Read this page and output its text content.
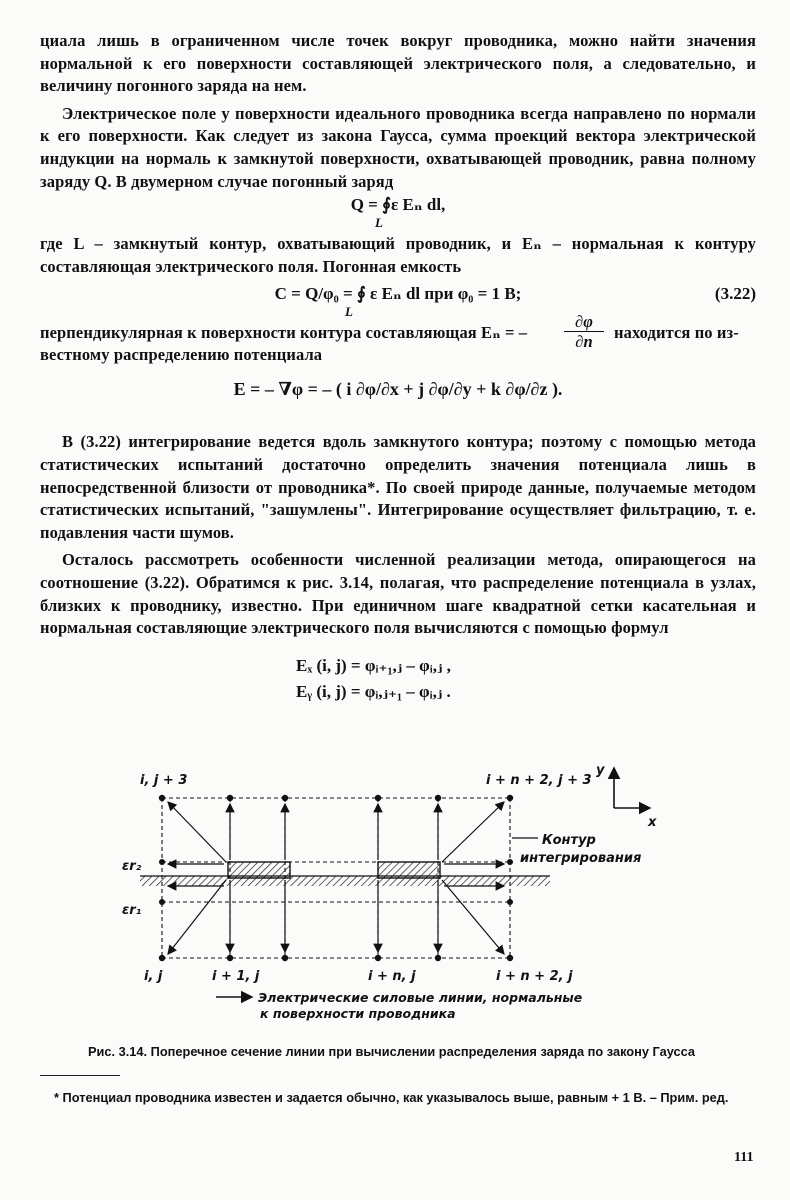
циала лишь в ограниченном числе точек вокруг проводника, можно найти значения нормальной к его поверхности составляющей электрического поля, а следовательно, и величину погонного заряда на нем.

Электрическое поле у поверхности идеального проводника всегда направлено по нормали к его поверхности. Как следует из закона Гаусса, сумма проекций вектора электрической индукции на нормаль к замкнутой поверхности, охватывающей проводник, равна полному заряду Q. В двумерном случае погонный заряд

Q = ∮ε Eₙ dl,
L

где L – замкнутый контур, охватывающий проводник, и Eₙ – нормальная к контуру составляющая электрического поля. Погонная емкость

C = Q/φ₀ = ∮ ε Eₙ dl при φ₀ = 1 В;
L
(3.22)
перпендикулярная к поверхности контура составляющая Eₙ = –
∂φ
∂n	находится по из-
вестному распределению потенциала
E = – ∇φ = – ( i ∂φ/∂x + j ∂φ/∂y + k ∂φ/∂z ).

В (3.22) интегрирование ведется вдоль замкнутого контура; поэтому с помощью метода статистических испытаний достаточно определить значения потенциала лишь в непосредственной близости от проводника*. По своей природе данные, получаемые методом статистических испытаний, "зашумлены". Интегрирование осуществляет фильтрацию, т. е. подавления части шумов.

Осталось рассмотреть особенности численной реализации метода, опирающегося на соотношение (3.22). Обратимся к рис. 3.14, полагая, что распределение потенциала в узлах, близких к проводнику, известно. При единичном шаге квадратной сетки касательная и нормальная составляющие электрического поля вычисляются с помощью формул

Eₓ (i, j) = φᵢ₊₁,ⱼ – φᵢ,ⱼ ,
Eᵧ (i, j) = φᵢ,ⱼ₊₁ – φᵢ,ⱼ .
i, j + 3	i + n + 2, j + 3
i, j	i + 1, j	i + n, j	i + n + 2, j
εr₂
εr₁
Контур
интегрирования
y
x
Электрические силовые линии, нормальные
к поверхности проводника
Рис. 3.14. Поперечное сечение линии при вычислении распределения заряда по закону Гаусса
* Потенциал проводника известен и задается обычно, как указывалось выше, равным + 1 В. – Прим. ред.
111
